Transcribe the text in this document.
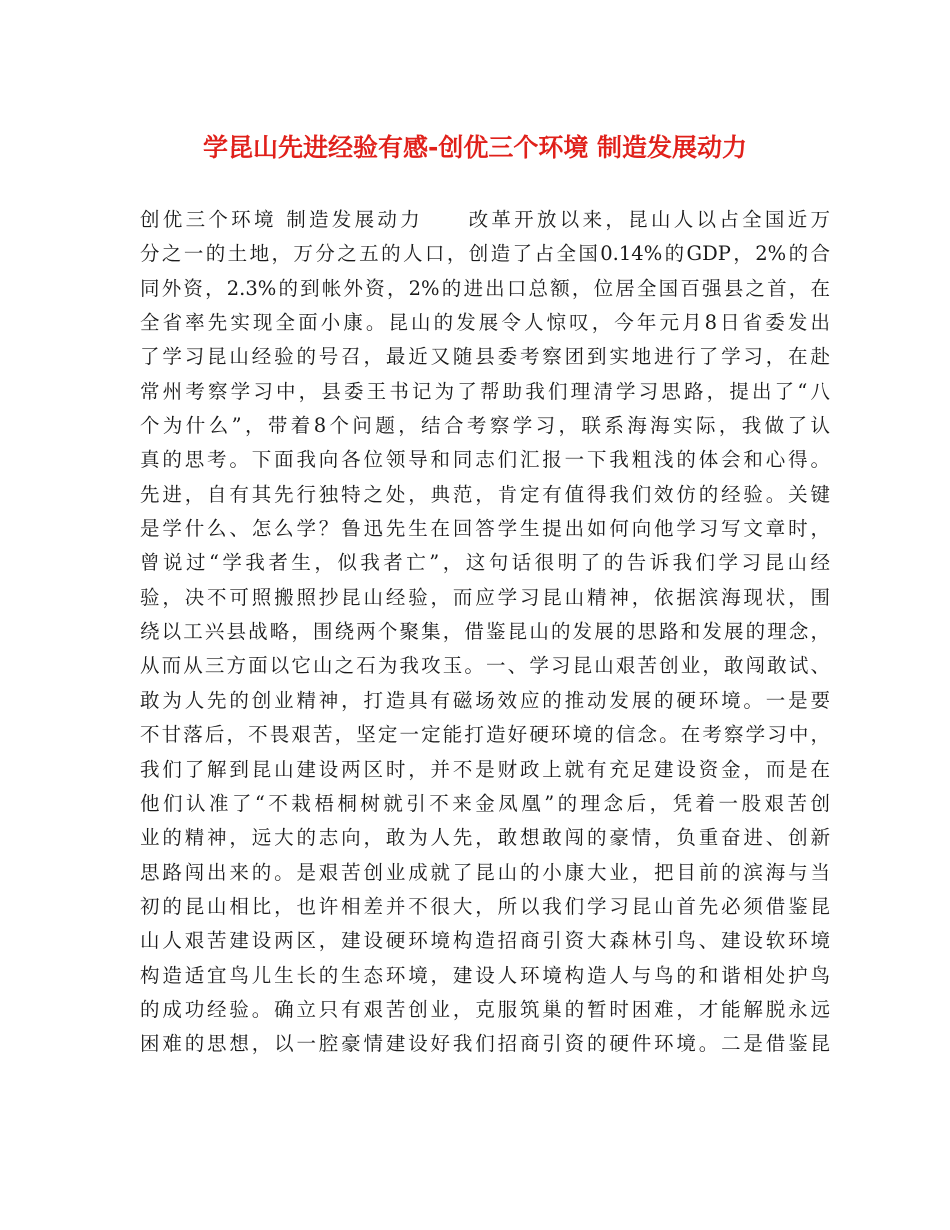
学昆山先进经验有感-创优三个环境 制造发展动力
创优三个环境 制造发展动力　　改革开放以来，昆山人以占全国近万
分之一的土地，万分之五的人口，创造了占全国0.14%的GDP，2%的合
同外资，2.3%的到帐外资，2%的进出口总额，位居全国百强县之首，在
全省率先实现全面小康。昆山的发展令人惊叹，今年元月8日省委发出
了学习昆山经验的号召，最近又随县委考察团到实地进行了学习，在赴
常州考察学习中，县委王书记为了帮助我们理清学习思路，提出了“八
个为什么”，带着8个问题，结合考察学习，联系海海实际，我做了认
真的思考。下面我向各位领导和同志们汇报一下我粗浅的体会和心得。
先进，自有其先行独特之处，典范，肯定有值得我们效仿的经验。关键
是学什么、怎么学？鲁迅先生在回答学生提出如何向他学习写文章时，
曾说过“学我者生，似我者亡”，这句话很明了的告诉我们学习昆山经
验，决不可照搬照抄昆山经验，而应学习昆山精神，依据滨海现状，围
绕以工兴县战略，围绕两个聚集，借鉴昆山的发展的思路和发展的理念，
从而从三方面以它山之石为我攻玉。一、学习昆山艰苦创业，敢闯敢试、
敢为人先的创业精神，打造具有磁场效应的推动发展的硬环境。一是要
不甘落后，不畏艰苦，坚定一定能打造好硬环境的信念。在考察学习中，
我们了解到昆山建设两区时，并不是财政上就有充足建设资金，而是在
他们认准了“不栽梧桐树就引不来金凤凰”的理念后，凭着一股艰苦创
业的精神，远大的志向，敢为人先，敢想敢闯的豪情，负重奋进、创新
思路闯出来的。是艰苦创业成就了昆山的小康大业，把目前的滨海与当
初的昆山相比，也许相差并不很大，所以我们学习昆山首先必须借鉴昆
山人艰苦建设两区，建设硬环境构造招商引资大森林引鸟、建设软环境
构造适宜鸟儿生长的生态环境，建设人环境构造人与鸟的和谐相处护鸟
的成功经验。确立只有艰苦创业，克服筑巢的暂时困难，才能解脱永远
困难的思想，以一腔豪情建设好我们招商引资的硬件环境。二是借鉴昆
